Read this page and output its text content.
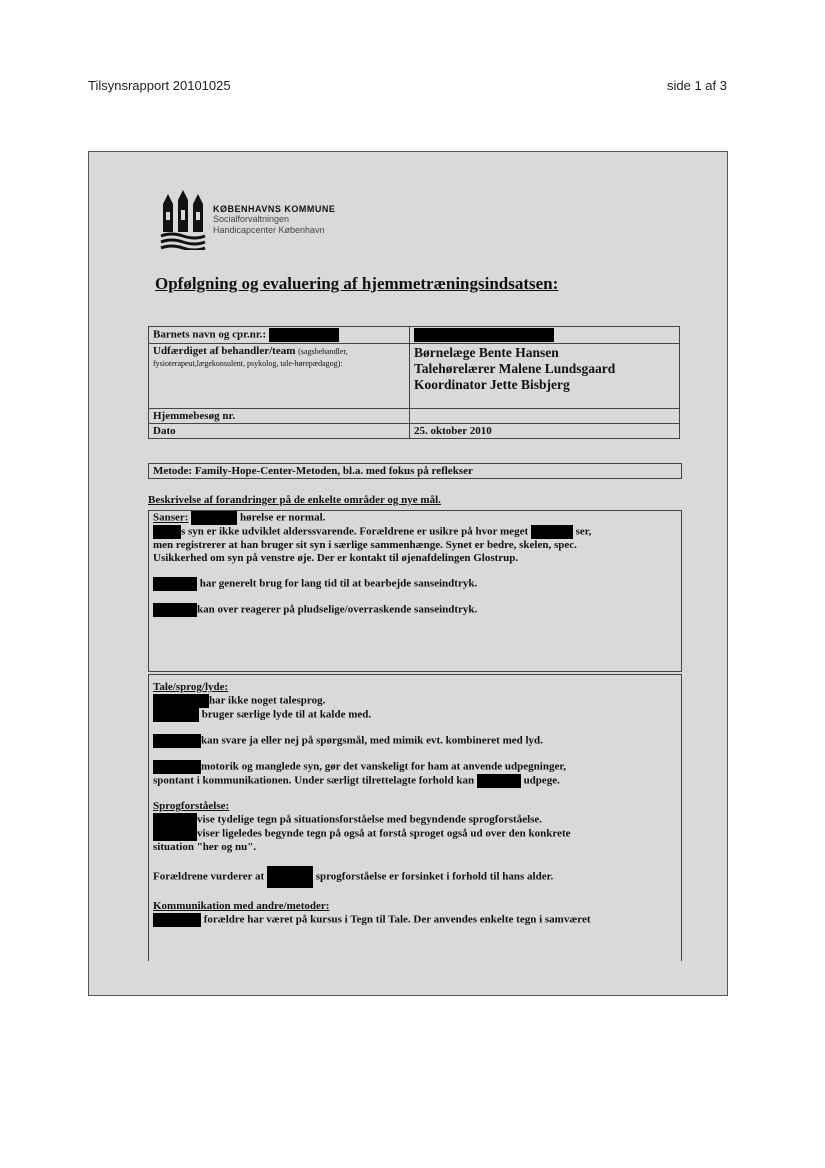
Tilsynsrapport 20101025	side 1 af 3
KØBENHAVNS KOMMUNE
Socialforvaltningen
Handicapcenter København
Opfølgning og evaluering af hjemmetræningsindsatsen:
Barnets navn og cpr.nr.:	
Udfærdiget af behandler/team (sagsbehandler, fysioterapeut,lægekonsulent, psykolog, tale-hørepædagog):	Børnelæge Bente Hansen
Talehørelærer Malene Lundsgaard
Koordinator Jette Bisbjerg

Hjemmebesøg nr.	
Dato	25. oktober 2010
Metode: Family-Hope-Center-Metoden, bl.a. med fokus på reflekser
Beskrivelse af forandringer på de enkelte områder og nye mål.
Sanser:	hørelse er normal.
s syn er ikke udviklet alderssvarende. Forældrene er usikre på hvor meget	ser,
men registrerer at han bruger sit syn i særlige sammenhænge. Synet er bedre, skelen, spec.
Usikkerhed om syn på venstre øje. Der er kontakt til øjenafdelingen Glostrup.
har generelt brug for lang tid til at bearbejde sanseindtryk.
kan over reagerer på pludselige/overraskende sanseindtryk.
Tale/sprog/lyde:
har ikke noget talesprog.
bruger særlige lyde til at kalde med.
kan svare ja eller nej på spørgsmål, med mimik evt. kombineret med lyd.
motorik og manglede syn, gør det vanskeligt for ham at anvende udpegninger,
spontant i kommunikationen. Under særligt tilrettelagte forhold kan	udpege.
Sprogforståelse:
vise tydelige tegn på situationsforståelse med begyndende sprogforståelse.
viser ligeledes begynde tegn på også at forstå sproget også ud over den konkrete
situation "her og nu".
Forældrene vurderer at	sprogforståelse er forsinket i forhold til hans alder.
Kommunikation med andre/metoder:
forældre har været på kursus i Tegn til Tale. Der anvendes enkelte tegn i samværet
